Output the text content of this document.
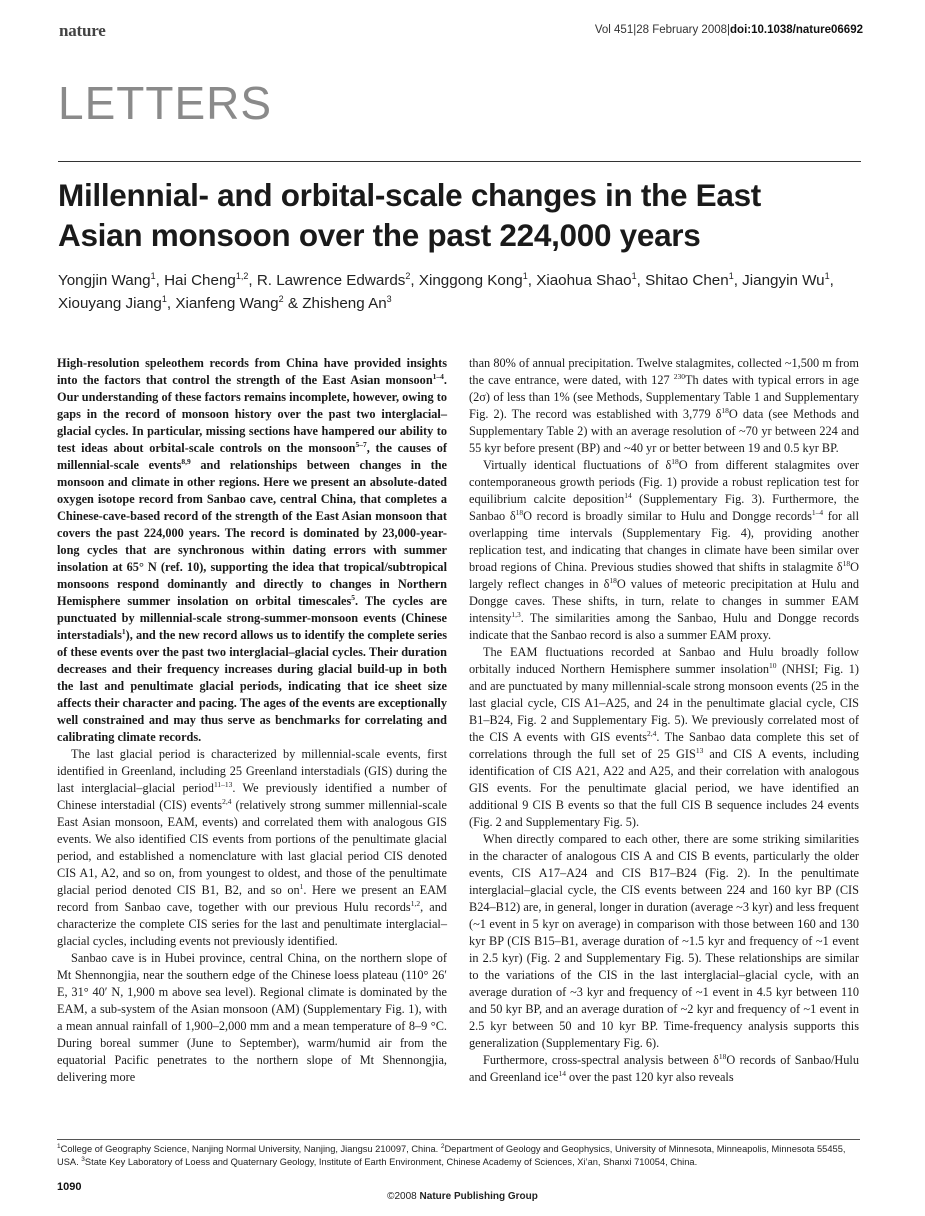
nature	Vol 451|28 February 2008|doi:10.1038/nature06692
LETTERS
Millennial- and orbital-scale changes in the East Asian monsoon over the past 224,000 years
Yongjin Wang$^1$, Hai Cheng$^{1,2}$, R. Lawrence Edwards$^2$, Xinggong Kong$^1$, Xiaohua Shao$^1$, Shitao Chen$^1$, Jiangyin Wu$^1$, Xiouyang Jiang$^1$, Xianfeng Wang$^2$ & Zhisheng An$^3$

High-resolution speleothem records from China have provided insights into the factors that control the strength of the East Asian monsoon$^{1-4}$. Our understanding of these factors remains incomplete, however, owing to gaps in the record of monsoon history over the past two interglacial–glacial cycles. In particular, missing sections have hampered our ability to test ideas about orbital-scale controls on the monsoon$^{5-7}$, the causes of millennial-scale events$^{8,9}$ and relationships between changes in the monsoon and climate in other regions. Here we present an absolute-dated oxygen isotope record from Sanbao cave, central China, that completes a Chinese-cave-based record of the strength of the East Asian monsoon that covers the past 224,000 years. The record is dominated by 23,000-year-long cycles that are synchronous within dating errors with summer insolation at 65° N (ref. 10), supporting the idea that tropical/subtropical monsoons respond dominantly and directly to changes in Northern Hemisphere summer insolation on orbital timescales$^5$. The cycles are punctuated by millennial-scale strong-summer-monsoon events (Chinese interstadials$^1$), and the new record allows us to identify the complete series of these events over the past two interglacial–glacial cycles. Their duration decreases and their frequency increases during glacial build-up in both the last and penultimate glacial periods, indicating that ice sheet size affects their character and pacing. The ages of the events are exceptionally well constrained and may thus serve as benchmarks for correlating and calibrating climate records.

The last glacial period is characterized by millennial-scale events, first identified in Greenland, including 25 Greenland interstadials (GIS) during the last interglacial–glacial period$^{11-13}$. We previously identified a number of Chinese interstadial (CIS) events$^{2,4}$ (relatively strong summer millennial-scale East Asian monsoon, EAM, events) and correlated them with analogous GIS events. We also identified CIS events from portions of the penultimate glacial period, and established a nomenclature with last glacial period CIS denoted CIS A1, A2, and so on, from youngest to oldest, and those of the penultimate glacial period denoted CIS B1, B2, and so $on^1$. Here we present an EAM record from Sanbao cave, together with our previous Hulu records$^{1,2}$, and characterize the complete CIS series for the last and penultimate interglacial–glacial cycles, including events not previously identified.

Sanbao cave is in Hubei province, central China, on the northern slope of Mt Shennongjia, near the southern edge of the Chinese loess plateau (110° 26′ E, 31° 40′ N, 1,900 m above sea level). Regional climate is dominated by the EAM, a sub-system of the Asian monsoon (AM) (Supplementary Fig. 1), with a mean annual rainfall of 1,900–2,000 mm and a mean temperature of 8–9 °C. During boreal summer (June to September), warm/humid air from the equatorial Pacific penetrates to the northern slope of Mt Shennongjia, delivering more

than 80% of annual precipitation. Twelve stalagmites, collected ~1,500 m from the cave entrance, were dated, with 127 $^{230}$Th dates with typical errors in age (2σ) of less than 1% (see Methods, Supplementary Table 1 and Supplementary Fig. 2). The record was established with 3,779 $\delta^{18}O$ data (see Methods and Supplementary Table 2) with an average resolution of ~70 yr between 224 and 55 kyr before present (BP) and ~40 yr or better between 19 and 0.5 kyr BP.

Virtually identical fluctuations of $\delta^{18}O$ from different stalagmites over contemporaneous growth periods (Fig. 1) provide a robust replication test for equilibrium calcite deposition$^{14}$ (Supplementary Fig. 3). Furthermore, the Sanbao $\delta^{18}O$ record is broadly similar to Hulu and Dongge records$^{1-4}$ for all overlapping time intervals (Supplementary Fig. 4), providing another replication test, and indicating that changes in climate have been similar over broad regions of China. Previous studies showed that shifts in stalagmite $\delta^{18}O$ largely reflect changes in $\delta^{18}O$ values of meteoric precipitation at Hulu and Dongge caves. These shifts, in turn, relate to changes in summer EAM intensity$^{1,3}$. The similarities among the Sanbao, Hulu and Dongge records indicate that the Sanbao record is also a summer EAM proxy.

The EAM fluctuations recorded at Sanbao and Hulu broadly follow orbitally induced Northern Hemisphere summer insolation$^{10}$ (NHSI; Fig. 1) and are punctuated by many millennial-scale strong monsoon events (25 in the last glacial cycle, CIS A1–A25, and 24 in the penultimate glacial cycle, CIS B1–B24, Fig. 2 and Supplementary Fig. 5). We previously correlated most of the CIS A events with GIS events$^{2,4}$. The Sanbao data complete this set of correlations through the full set of 25 GIS$^{13}$ and CIS A events, including identification of CIS A21, A22 and A25, and their correlation with analogous GIS events. For the penultimate glacial period, we have identified an additional 9 CIS B events so that the full CIS B sequence includes 24 events (Fig. 2 and Supplementary Fig. 5).

When directly compared to each other, there are some striking similarities in the character of analogous CIS A and CIS B events, particularly the older events, CIS A17–A24 and CIS B17–B24 (Fig. 2). In the penultimate interglacial–glacial cycle, the CIS events between 224 and 160 kyr BP (CIS B24–B12) are, in general, longer in duration (average ~3 kyr) and less frequent (~1 event in 5 kyr on average) in comparison with those between 160 and 130 kyr BP (CIS B15–B1, average duration of ~1.5 kyr and frequency of ~1 event in 2.5 kyr) (Fig. 2 and Supplementary Fig. 5). These relationships are similar to the variations of the CIS in the last interglacial–glacial cycle, with an average duration of ~3 kyr and frequency of ~1 event in 4.5 kyr between 110 and 50 kyr BP, and an average duration of ~2 kyr and frequency of ~1 event in 2.5 kyr between 50 and 10 kyr BP. Time-frequency analysis supports this generalization (Supplementary Fig. 6).

Furthermore, cross-spectral analysis between $\delta^{18}O$ records of Sanbao/Hulu and Greenland ice$^{14}$ over the past 120 kyr also reveals

$^1$College of Geography Science, Nanjing Normal University, Nanjing, Jiangsu 210097, China. $^2$Department of Geology and Geophysics, University of Minnesota, Minneapolis, Minnesota 55455, USA. $^3$State Key Laboratory of Loess and Quaternary Geology, Institute of Earth Environment, Chinese Academy of Sciences, Xi’an, Shanxi 710054, China.
1090
©2008 Nature Publishing Group
